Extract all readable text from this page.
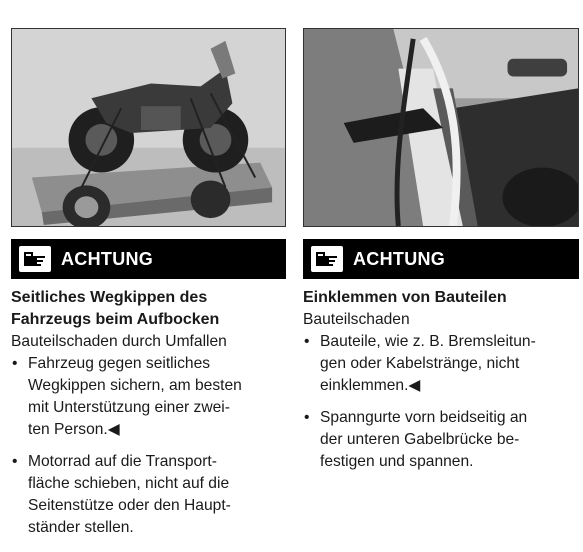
ACHTUNG	ACHTUNG
Seitliches Wegkippen des
Fahrzeugs beim Aufbocken
Bauteilschaden durch Umfallen
• Fahrzeug gegen seitliches
Wegkippen sichern, am besten
mit Unterstützung einer zwei-
ten Person.◀
• Motorrad auf die Transport-
fläche schieben, nicht auf die
Seitenstütze oder den Haupt-
ständer stellen.
Einklemmen von Bauteilen
Bauteilschaden
• Bauteile, wie z. B. Bremsleitun-
gen oder Kabelstränge, nicht
einklemmen.◀
• Spanngurte vorn beidseitig an
der unteren Gabelbrücke be-
festigen und spannen.
